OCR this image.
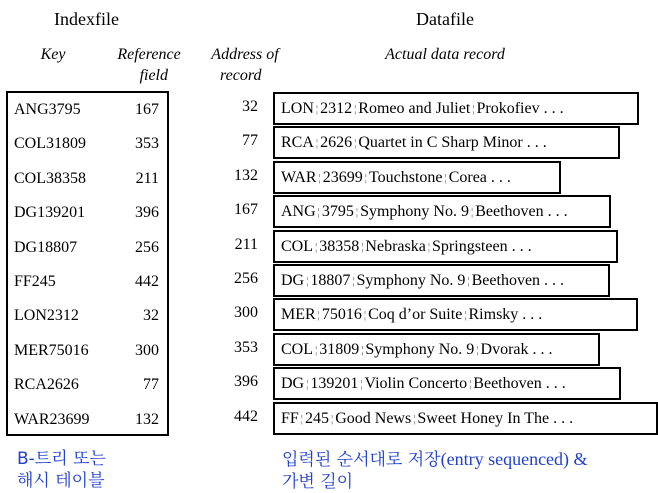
Indexfile	Datafile
Key	Reference
field
Address of
record
Actual data record
ANG3795	167
COL31809	353
COL38358	211
DG139201	396
DG18807	256
FF245	442
LON2312	32
MER75016	300
RCA2626	77
WAR23699	132
32	LON ¦ 2312 ¦ Romeo and Juliet ¦ Prokofiev . . .
77	RCA ¦ 2626 ¦ Quartet in C Sharp Minor . . .
132	WAR ¦ 23699 ¦ Touchstone ¦ Corea . . .
167	ANG ¦ 3795 ¦ Symphony No. 9 ¦ Beethoven . . .
211	COL ¦ 38358 ¦ Nebraska ¦ Springsteen . . .
256	DG ¦ 18807 ¦ Symphony No. 9 ¦ Beethoven . . .
300	MER ¦ 75016 ¦ Coq d’or Suite ¦ Rimsky . . .
353	COL ¦ 31809 ¦ Symphony No. 9 ¦ Dvorak . . .
396	DG ¦ 139201 ¦ Violin Concerto ¦ Beethoven . . .
442	FF ¦ 245 ¦ Good News ¦ Sweet Honey In The . . .
B-트리 또는
해시 테이블
입력된 순서대로 저장(entry sequenced) &
가변 길이
